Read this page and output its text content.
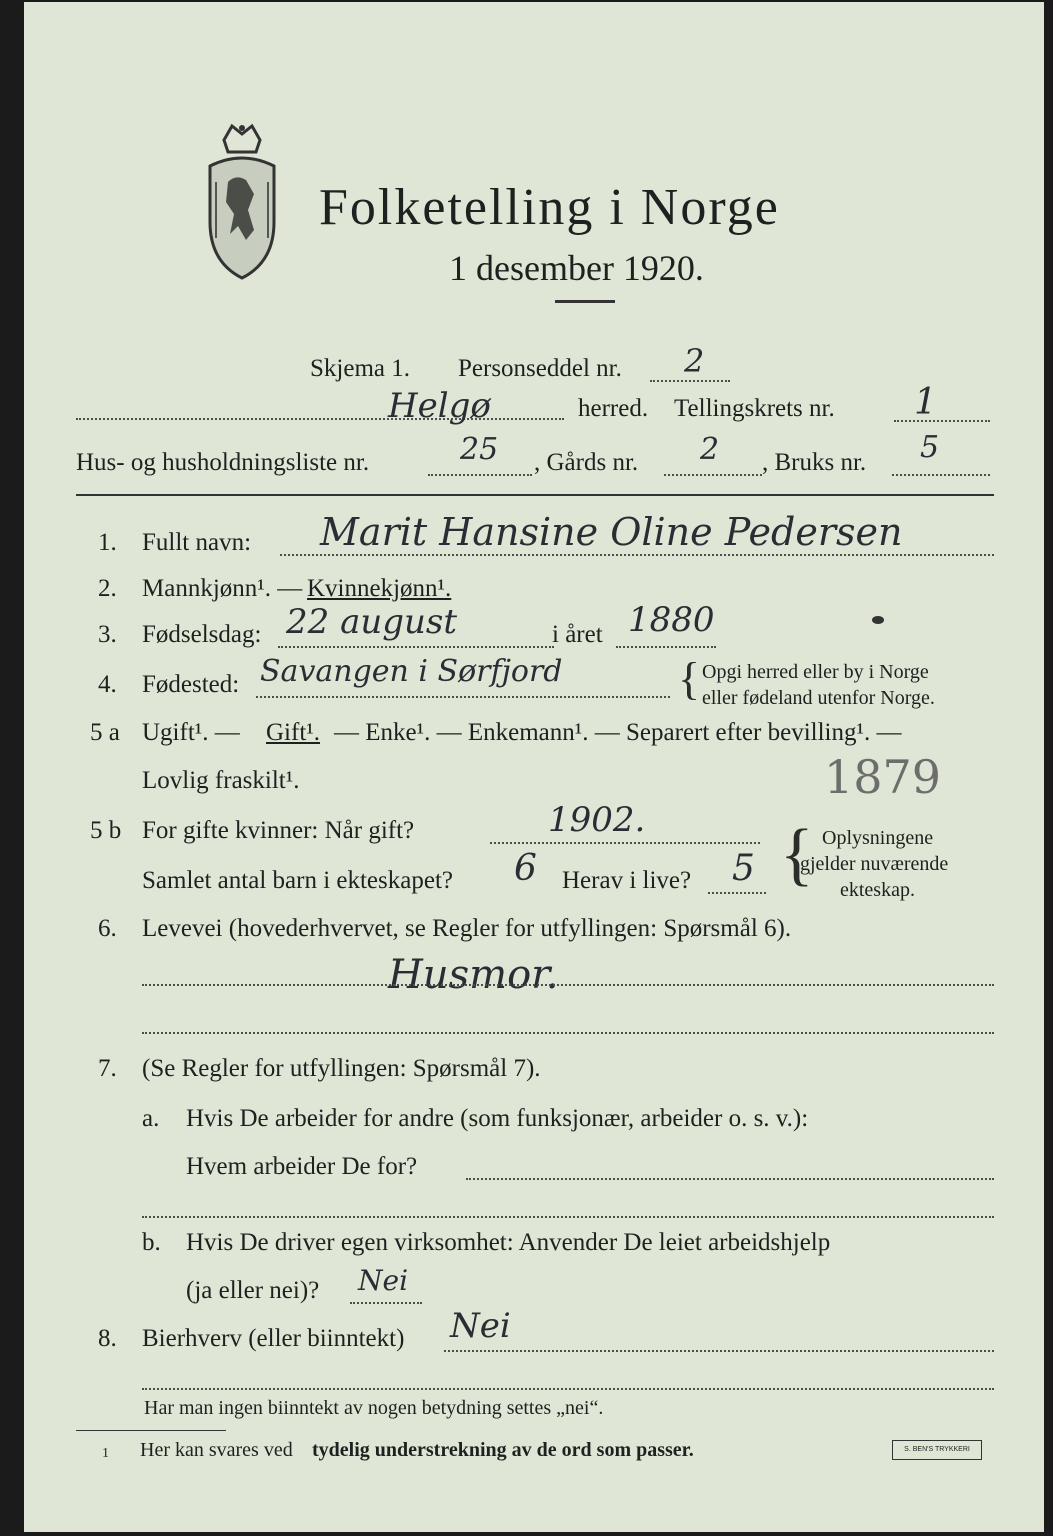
Folketelling i Norge
1 desember 1920.
Skjema 1. Personseddel nr. 2
Helgø	herred. Tellingskrets nr. 1
Hus- og husholdningsliste nr.	25 , Gårds nr. 2 , Bruks nr. 5
1. Fullt navn: Marit Hansine Oline Pedersen
2. Mannkjønn¹. — Kvinnekjønn¹.
3. Fødselsdag: 22 august	i året 1880
4. Fødested: Savangen i Sørfjord	{ Opgi herred eller by i Norge
eller fødeland utenfor Norge.
5 a Ugift¹. — Gift¹. — Enke¹. — Enkemann¹. — Separert efter bevilling¹. —
Lovlig fraskilt¹.	1879
5 b For gifte kvinner: Når gift?	1902.
Samlet antal barn i ekteskapet? 6 Herav i live? 5 { Oplysningene
gjelder nuværende
ekteskap.
6. Levevei (hovederhvervet, se Regler for utfyllingen: Spørsmål 6).
Husmor.
7. (Se Regler for utfyllingen: Spørsmål 7).
a. Hvis De arbeider for andre (som funksjonær, arbeider o. s. v.):
Hvem arbeider De for?
b. Hvis De driver egen virksomhet: Anvender De leiet arbeidshjelp
(ja eller nei)? Nei
8. Bierhverv (eller biinntekt) Nei
Har man ingen biinntekt av nogen betydning settes „nei“.
1 Her kan svares ved tydelig understrekning av de ord som passer.	S. BEN'S TRYKKERI
